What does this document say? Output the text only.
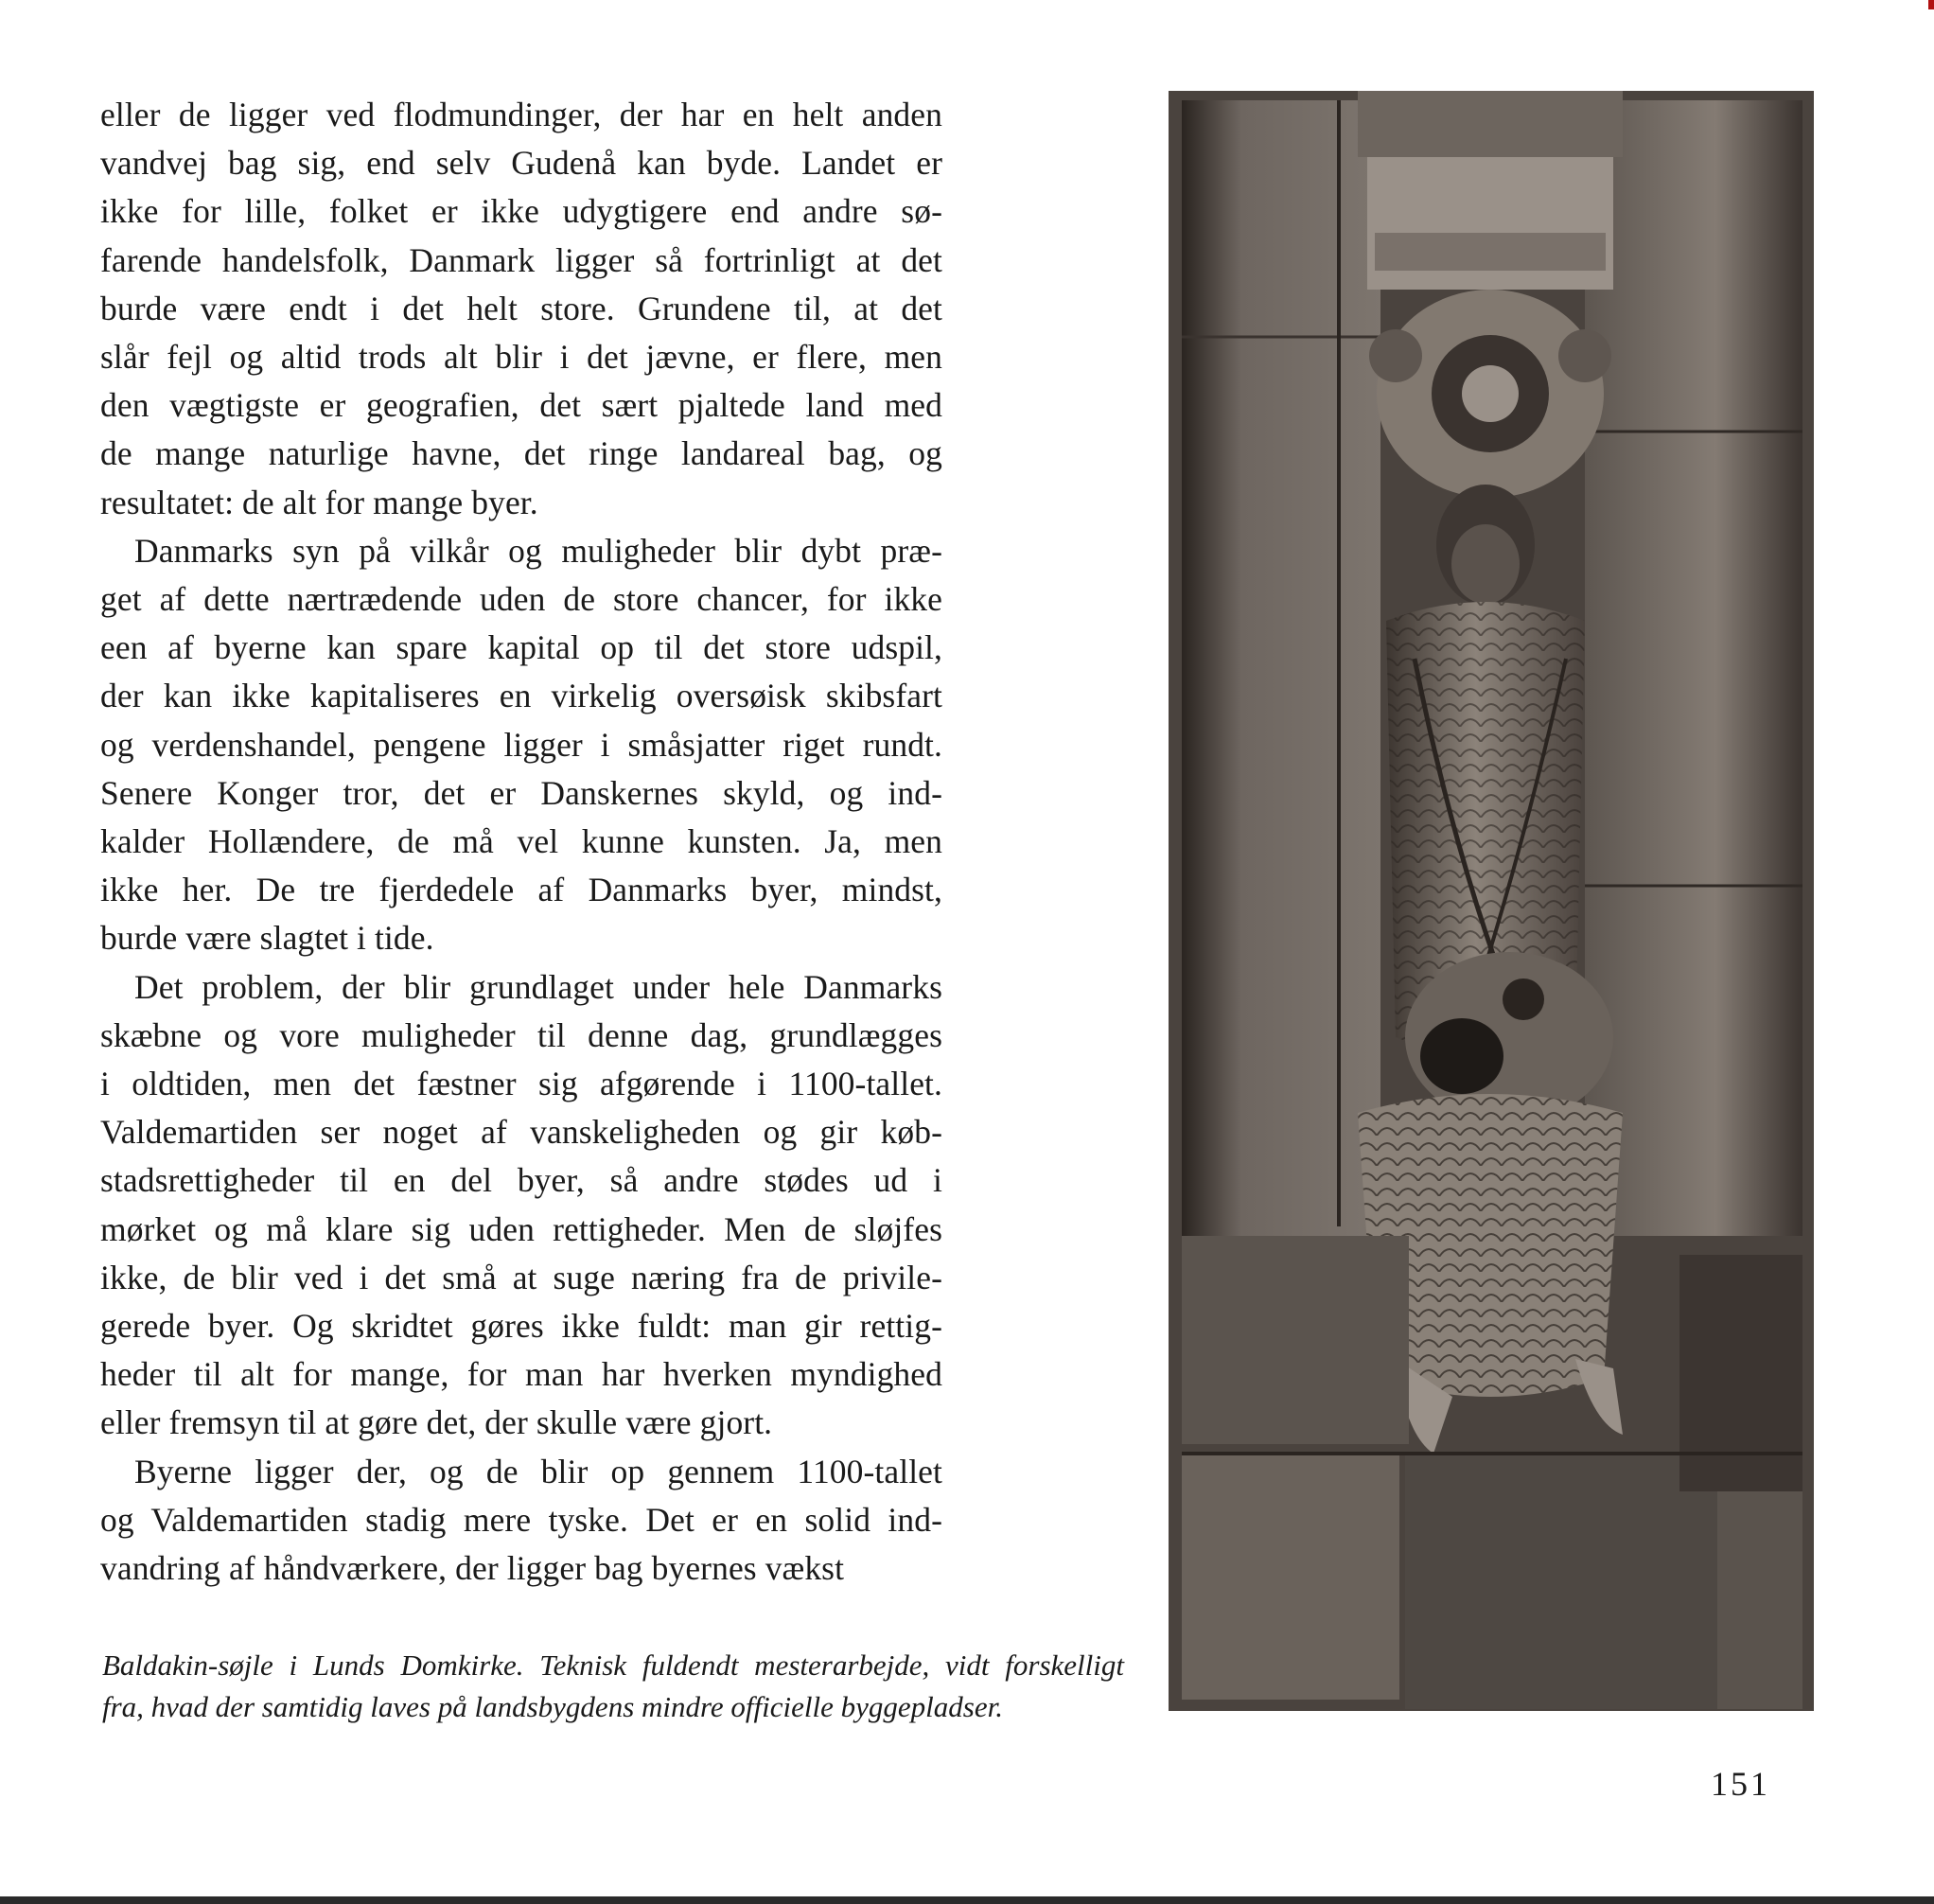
eller de ligger ved flodmundinger, der har en helt anden
vandvej bag sig, end selv Gudenå kan byde. Landet er
ikke for lille, folket er ikke udygtigere end andre sø-
farende handelsfolk, Danmark ligger så fortrinligt at det
burde være endt i det helt store. Grundene til, at det
slår fejl og altid trods alt blir i det jævne, er flere, men
den vægtigste er geografien, det sært pjaltede land med
de mange naturlige havne, det ringe landareal bag, og
resultatet: de alt for mange byer.

Danmarks syn på vilkår og muligheder blir dybt præ-
get af dette nærtrædende uden de store chancer, for ikke
een af byerne kan spare kapital op til det store udspil,
der kan ikke kapitaliseres en virkelig oversøisk skibsfart
og verdenshandel, pengene ligger i småsjatter riget rundt.
Senere Konger tror, det er Danskernes skyld, og ind-
kalder Hollændere, de må vel kunne kunsten. Ja, men
ikke her. De tre fjerdedele af Danmarks byer, mindst,
burde være slagtet i tide.

Det problem, der blir grundlaget under hele Danmarks
skæbne og vore muligheder til denne dag, grundlægges
i oldtiden, men det fæstner sig afgørende i 1100-tallet.
Valdemartiden ser noget af vanskeligheden og gir køb-
stadsrettigheder til en del byer, så andre stødes ud i
mørket og må klare sig uden rettigheder. Men de sløjfes
ikke, de blir ved i det små at suge næring fra de privile-
gerede byer. Og skridtet gøres ikke fuldt: man gir rettig-
heder til alt for mange, for man har hverken myndighed
eller fremsyn til at gøre det, der skulle være gjort.

Byerne ligger der, og de blir op gennem 1100-tallet
og Valdemartiden stadig mere tyske. Det er en solid ind-
vandring af håndværkere, der ligger bag byernes vækst

Baldakin-søjle i Lunds Domkirke. Teknisk fuldendt mesterarbejde, vidt forskelligt
fra, hvad der samtidig laves på landsbygdens mindre officielle byggepladser.

151
